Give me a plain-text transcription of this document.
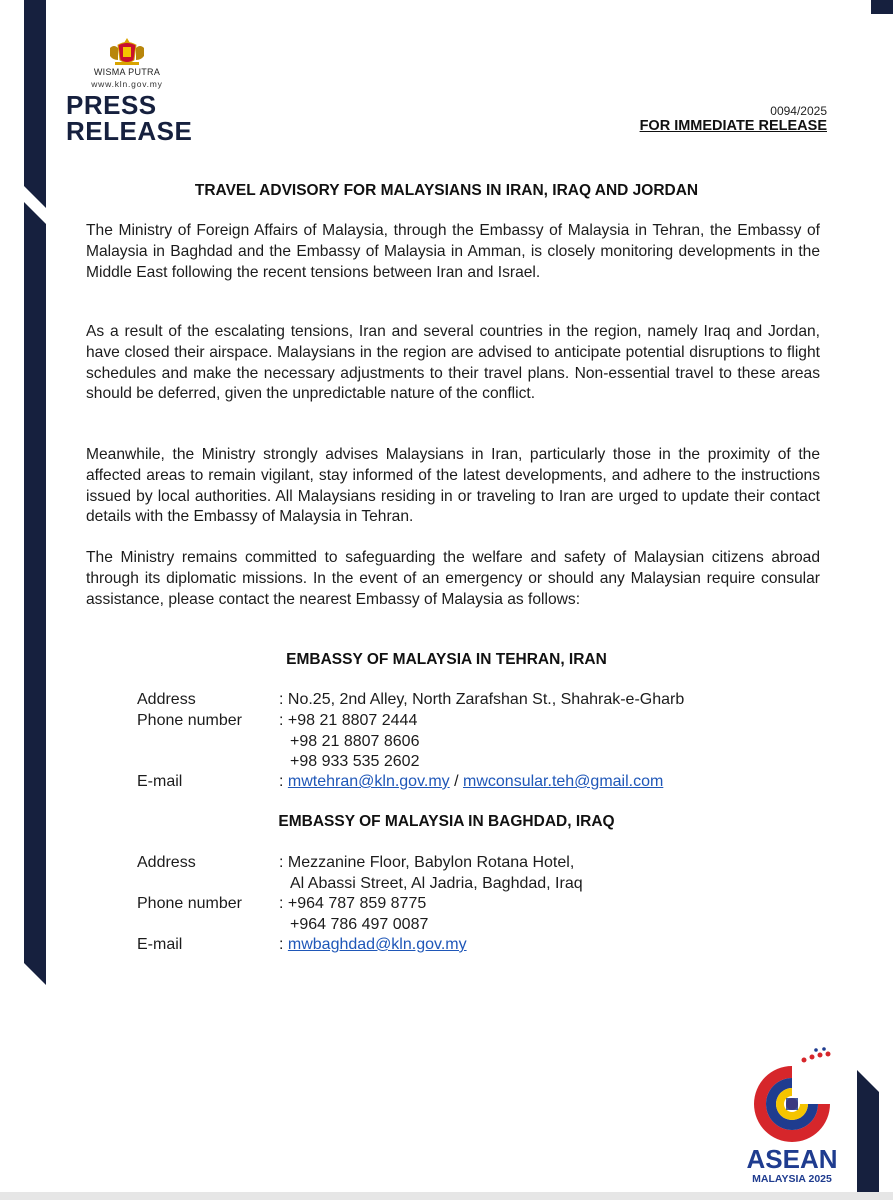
WISMA PUTRA
www.kln.gov.my
PRESS
RELEASE
0094/2025
FOR IMMEDIATE RELEASE
TRAVEL ADVISORY FOR MALAYSIANS IN IRAN, IRAQ AND JORDAN

The Ministry of Foreign Affairs of Malaysia, through the Embassy of Malaysia in Tehran, the Embassy of Malaysia in Baghdad and the Embassy of Malaysia in Amman, is closely monitoring developments in the Middle East following the recent tensions between Iran and Israel.

As a result of the escalating tensions, Iran and several countries in the region, namely Iraq and Jordan, have closed their airspace. Malaysians in the region are advised to anticipate potential disruptions to flight schedules and make the necessary adjustments to their travel plans. Non-essential travel to these areas should be deferred, given the unpredictable nature of the conflict.

Meanwhile, the Ministry strongly advises Malaysians in Iran, particularly those in the proximity of the affected areas to remain vigilant, stay informed of the latest developments, and adhere to the instructions issued by local authorities. All Malaysians residing in or traveling to Iran are urged to update their contact details with the Embassy of Malaysia in Tehran.

The Ministry remains committed to safeguarding the welfare and safety of Malaysian citizens abroad through its diplomatic missions. In the event of an emergency or should any Malaysian require consular assistance, please contact the nearest Embassy of Malaysia as follows:

EMBASSY OF MALAYSIA IN TEHRAN, IRAN
Address	: No.25, 2nd Alley, North Zarafshan St., Shahrak-e-Gharb
Phone number : +98 21 8807 2444
+98 21 8807 8606
+98 933 535 2602
E-mail	: mwtehran@kln.gov.my / mwconsular.teh@gmail.com
EMBASSY OF MALAYSIA IN BAGHDAD, IRAQ
Address	: Mezzanine Floor, Babylon Rotana Hotel,
Al Abassi Street, Al Jadria, Baghdad, Iraq
Phone number : +964 787 859 8775
+964 786 497 0087
E-mail	: mwbaghdad@kln.gov.my
ASEAN
MALAYSIA 2025
